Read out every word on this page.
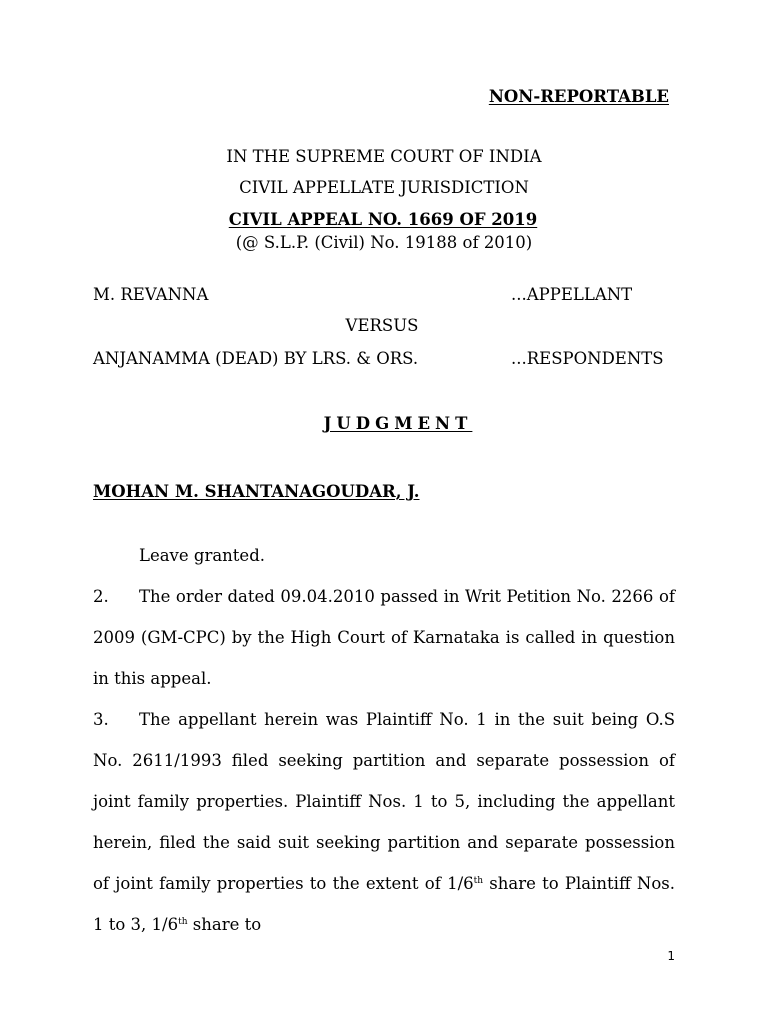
NON-REPORTABLE
IN THE SUPREME COURT OF INDIA
CIVIL APPELLATE JURISDICTION
CIVIL APPEAL NO. 1669 OF 2019
(@ S.L.P. (Civil) No. 19188 of 2010)
M. REVANNA	...APPELLANT
VERSUS
ANJANAMMA (DEAD) BY LRS. & ORS.	...RESPONDENTS
JUDGMENT
MOHAN M. SHANTANAGOUDAR, J.
Leave granted.
2. The order dated 09.04.2010 passed in Writ Petition No. 2266 of 2009 (GM-CPC) by the High Court of Karnataka is called in question in this appeal.
3. The appellant herein was Plaintiff No. 1 in the suit being O.S No. 2611/1993 filed seeking partition and separate possession of joint family properties. Plaintiff Nos. 1 to 5, including the appellant herein, filed the said suit seeking partition and separate possession of joint family properties to the extent of 1/6th share to Plaintiff Nos. 1 to 3, 1/6th share to
1
